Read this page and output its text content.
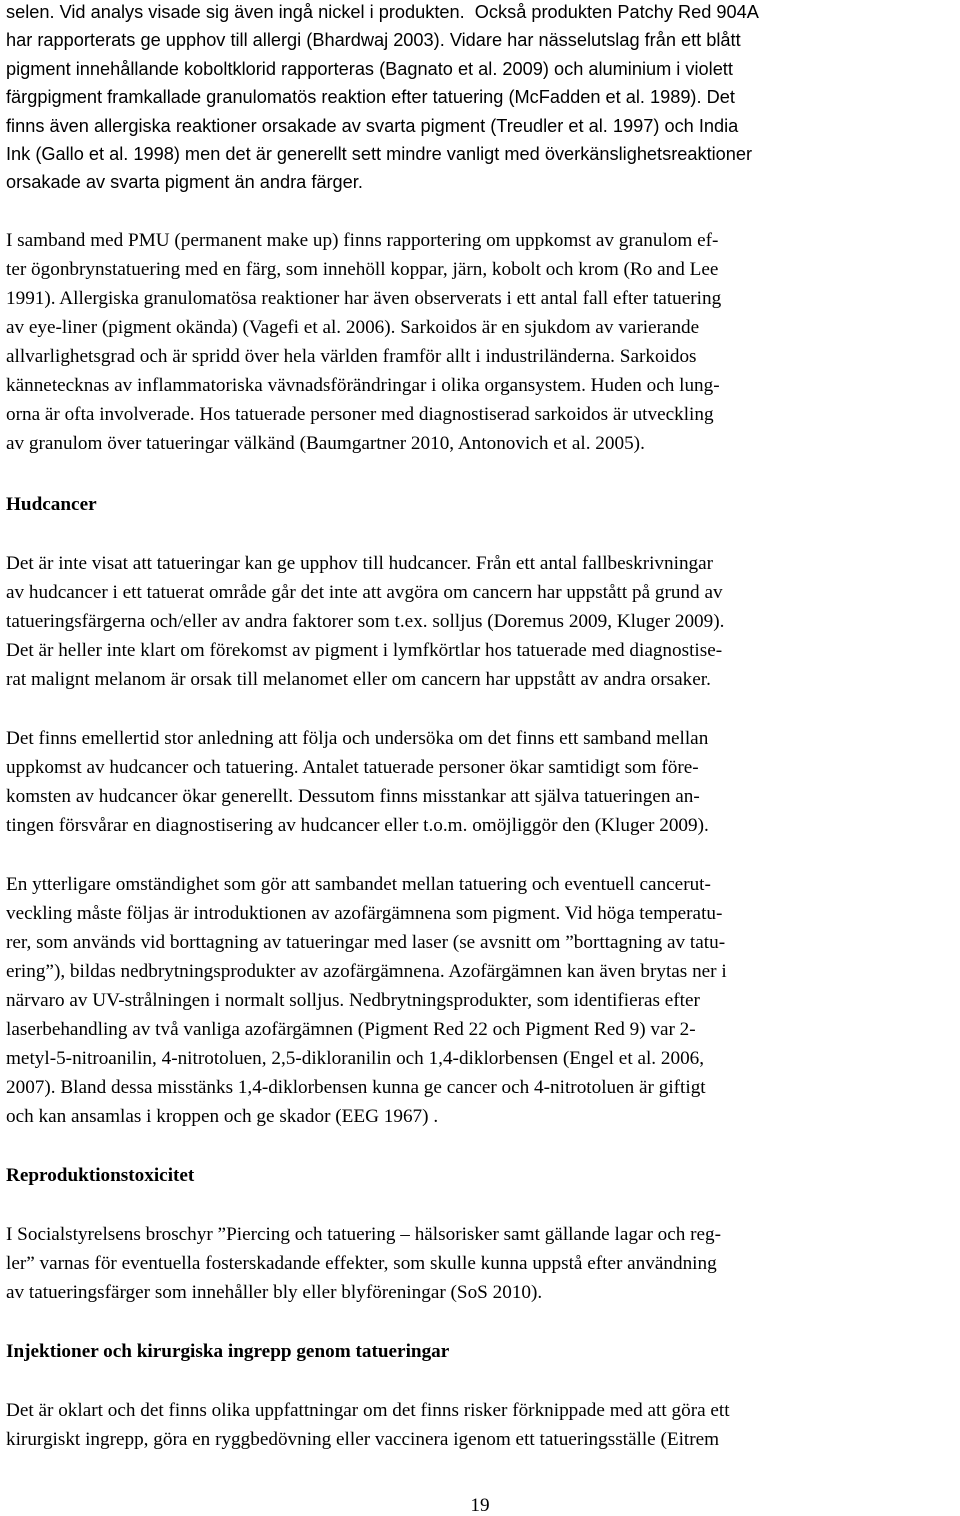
selen. Vid analys visade sig även ingå nickel i produkten.  Också produkten Patchy Red 904A
har rapporterats ge upphov till allergi (Bhardwaj 2003). Vidare har nässelutslag från ett blått
pigment innehållande koboltklorid rapporteras (Bagnato et al. 2009) och aluminium i violett
färgpigment framkallade granulomatös reaktion efter tatuering (McFadden et al. 1989). Det
finns även allergiska reaktioner orsakade av svarta pigment (Treudler et al. 1997) och India
Ink (Gallo et al. 1998) men det är generellt sett mindre vanligt med överkänslighetsreaktioner
orsakade av svarta pigment än andra färger.
I samband med PMU (permanent make up) finns rapportering om uppkomst av granulom ef-
ter ögonbrynstatuering med en färg, som innehöll koppar, järn, kobolt och krom (Ro and Lee
1991). Allergiska granulomatösa reaktioner har även observerats i ett antal fall efter tatuering
av eye-liner (pigment okända) (Vagefi et al. 2006). Sarkoidos är en sjukdom av varierande
allvarlighetsgrad och är spridd över hela världen framför allt i industriländerna. Sarkoidos
kännetecknas av inflammatoriska vävnadsförändringar i olika organsystem. Huden och lung-
orna är ofta involverade. Hos tatuerade personer med diagnostiserad sarkoidos är utveckling
av granulom över tatueringar välkänd (Baumgartner 2010, Antonovich et al. 2005).
Hudcancer
Det är inte visat att tatueringar kan ge upphov till hudcancer. Från ett antal fallbeskrivningar
av hudcancer i ett tatuerat område går det inte att avgöra om cancern har uppstått på grund av
tatueringsfärgerna och/eller av andra faktorer som t.ex. solljus (Doremus 2009, Kluger 2009).
Det är heller inte klart om förekomst av pigment i lymfkörtlar hos tatuerade med diagnostise-
rat malignt melanom är orsak till melanomet eller om cancern har uppstått av andra orsaker.
Det finns emellertid stor anledning att följa och undersöka om det finns ett samband mellan
uppkomst av hudcancer och tatuering. Antalet tatuerade personer ökar samtidigt som före-
komsten av hudcancer ökar generellt. Dessutom finns misstankar att själva tatueringen an-
tingen försvårar en diagnostisering av hudcancer eller t.o.m. omöjliggör den (Kluger 2009).
En ytterligare omständighet som gör att sambandet mellan tatuering och eventuell cancerut-
veckling måste följas är introduktionen av azofärgämnena som pigment. Vid höga temperatu-
rer, som används vid borttagning av tatueringar med laser (se avsnitt om ”borttagning av tatu-
ering”), bildas nedbrytningsprodukter av azofärgämnena. Azofärgämnen kan även brytas ner i
närvaro av UV-strålningen i normalt solljus. Nedbrytningsprodukter, som identifieras efter
laserbehandling av två vanliga azofärgämnen (Pigment Red 22 och Pigment Red 9) var 2-
metyl-5-nitroanilin, 4-nitrotoluen, 2,5-dikloranilin och 1,4-diklorbensen (Engel et al. 2006,
2007). Bland dessa misstänks 1,4-diklorbensen kunna ge cancer och 4-nitrotoluen är giftigt
och kan ansamlas i kroppen och ge skador (EEG 1967) .
Reproduktionstoxicitet
I Socialstyrelsens broschyr ”Piercing och tatuering – hälsorisker samt gällande lagar och reg-
ler” varnas för eventuella fosterskadande effekter, som skulle kunna uppstå efter användning
av tatueringsfärger som innehåller bly eller blyföreningar (SoS 2010).
Injektioner och kirurgiska ingrepp genom tatueringar
Det är oklart och det finns olika uppfattningar om det finns risker förknippade med att göra ett
kirurgiskt ingrepp, göra en ryggbedövning eller vaccinera igenom ett tatueringsställe (Eitrem
19
